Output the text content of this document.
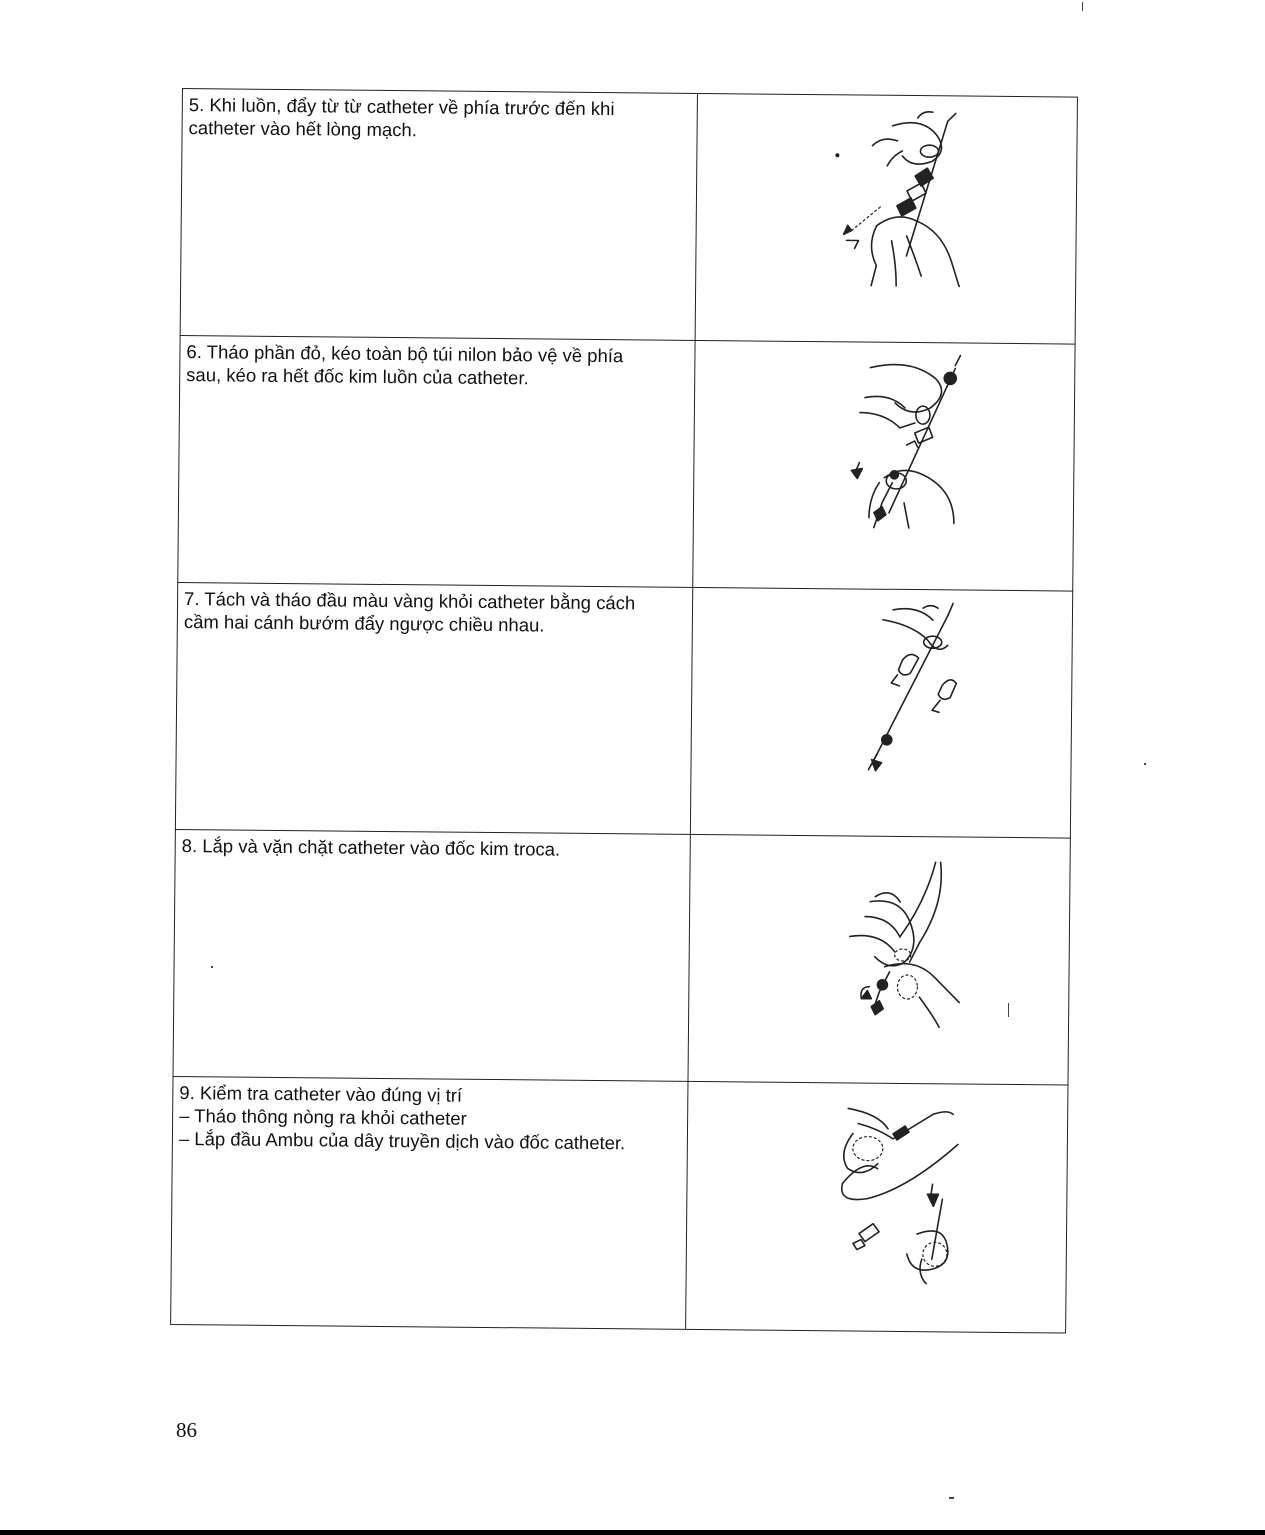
5. Khi luồn, đẩy từ từ catheter về phía trước đến khi
catheter vào hết lòng mạch.
6. Tháo phần đỏ, kéo toàn bộ túi nilon bảo vệ về phía
sau, kéo ra hết đốc kim luồn của catheter.
7. Tách và tháo đầu màu vàng khỏi catheter bằng cách
cầm hai cánh bướm đẩy ngược chiều nhau.
8. Lắp và vặn chặt catheter vào đốc kim troca.
9. Kiểm tra catheter vào đúng vị trí
– Tháo thông nòng ra khỏi catheter
– Lắp đầu Ambu của dây truyền dịch vào đốc catheter.
86
